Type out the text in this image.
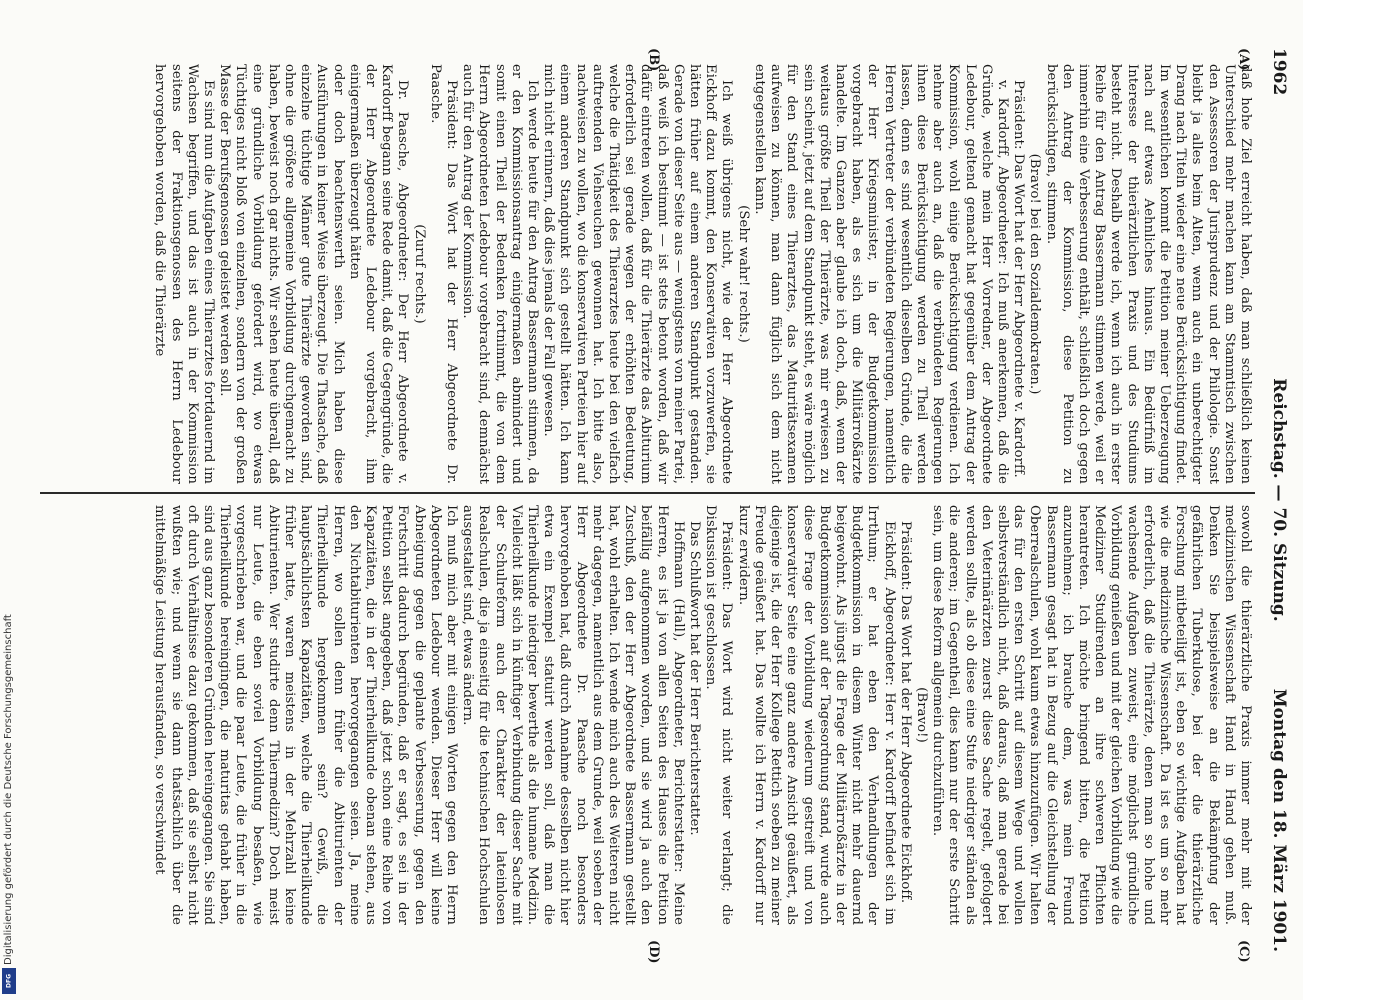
1962
Reichstag. — 70. Sitzung.
Montag den 18. März 1901.
(A)
(B)
(C)
(D)

daß hohe Ziel erreicht haben, daß man schließlich keinen Unterschied mehr machen kann am Stammtisch zwischen den Assessoren der Jurisprudenz und der Philologie. Sonst bleibt ja alles beim Alten, wenn auch ein unberechtigter Drang nach Titeln wieder eine neue Berücksichtigung findet. Im wesentlichen kommt die Petition meiner Ueberzeugung nach auf etwas Aehnliches hinaus. Ein Bedürfniß im Interesse der thierärztlichen Praxis und des Studiums besteht nicht. Deshalb werde ich, wenn ich auch in erster Reihe für den Antrag Bassermann stimmen werde, weil er immerhin eine Verbesserung enthält, schließlich doch gegen den Antrag der Kommission, diese Petition zu berücksichtigen, stimmen.

(Bravo! bei den Sozialdemokraten.)

Präsident: Das Wort hat der Herr Abgeordnete v. Kardorff.

v. Kardorff, Abgeordneter: Ich muß anerkennen, daß die Gründe, welche mein Herr Vorredner, der Abgeordnete Ledebour, geltend gemacht hat gegenüber dem Antrag der Kommission, wohl einige Berücksichtigung verdienen. Ich nehme aber auch an, daß die verbündeten Regierungen ihnen diese Berücksichtigung werden zu Theil werden lassen, denn es sind wesentlich dieselben Gründe, die die Herren Vertreter der verbündeten Regierungen, namentlich der Herr Kriegsminister, in der Budgetkommission vorgebracht haben, als es sich um die Militärroßärzte handelte. Im Ganzen aber glaube ich doch, daß, wenn der weitaus größte Theil der Thierärzte, was mir erwiesen zu sein scheint, jetzt auf dem Standpunkt steht, es wäre möglich für den Stand eines Thierarztes, das Maturitätsexamen aufweisen zu können, man dann füglich sich dem nicht entgegenstellen kann.

(Sehr wahr! rechts.)

Ich weiß übrigens nicht, wie der Herr Abgeordnete Eickhoff dazu kommt, den Konservativen vorzuwerfen, sie hätten früher auf einem anderen Standpunkt gestanden. Gerade von dieser Seite aus — wenigstens von meiner Partei, daß weiß ich bestimmt — ist stets betont worden, daß wir dafür eintreten wollen, daß für die Thierärzte das Abiturium erforderlich sei gerade wegen der erhöhten Bedeutung, welche die Thätigkeit des Thierarztes heute bei den vielfach auftretenden Viehseuchen gewonnen hat. Ich bitte also, nachweisen zu wollen, wo die konservativen Parteien hier auf einem anderen Standpunkt sich gestellt hätten. Ich kann mich nicht erinnern, daß dies jemals der Fall gewesen.

Ich werde heute für den Antrag Bassermann stimmen, da er den Kommissionsantrag einigermaßen abmindert und somit einen Theil der Bedenken fortnimmt, die von dem Herrn Abgeordneten Ledebour vorgebracht sind, demnächst auch für den Antrag der Kommission.

Präsident: Das Wort hat der Herr Abgeordnete Dr. Paasche.

(Zuruf rechts.)

Dr. Paasche, Abgeordneter: Der Herr Abgeordnete v. Kardorff begann seine Rede damit, daß die Gegengründe, die der Herr Abgeordnete Ledebour vorgebracht, ihm einigermaßen überzeugt hätten

oder doch beachtenswerth seien. Mich haben diese Ausführungen in keiner Weise überzeugt. Die Thatsache, daß einzelne tüchtige Männer gute Thierärzte geworden sind, ohne die größere allgemeine Vorbildung durchgemacht zu haben, beweist noch gar nichts. Wir sehen heute überall, daß eine gründliche Vorbildung gefordert wird, wo etwas Tüchtiges nicht bloß von einzelnen, sondern von der großen Masse der Berufsgenossen geleistet werden soll.

Es sind nun die Aufgaben eines Thierarztes fortdauernd im Wachsen begriffen, und das ist auch in der Kommission seitens der Fraktionsgenossen des Herrn Ledebour hervorgehoben worden, daß die Thierärzte

sowohl die thierärztliche Praxis immer mehr mit der medizinischen Wissenschaft Hand in Hand gehen muß. Denken Sie beispielsweise an die Bekämpfung der gefährlichen Tuberkulose, bei der die thierärztliche Forschung mitbeteiligt ist, eben so wichtige Aufgaben hat wie die medizinische Wissenschaft. Da ist es um so mehr erforderlich, daß die Thierärzte, denen man so hohe und wachsende Aufgaben zuweist, eine möglichst gründliche Vorbildung genießen und mit der gleichen Vorbildung wie die Mediziner Studirenden an ihre schweren Pflichten herantreten. Ich möchte bringend bitten, die Petition anzunehmen; ich brauche dem, was mein Freund Bassermann gesagt hat in Bezug auf die Gleichstellung der Oberrealschulen, wohl kaum etwas hinzuzufügen. Wir halten das für den ersten Schritt auf diesem Wege und wollen selbstverständlich nicht, daß daraus, daß man gerade bei den Veterinärärzten zuerst diese Sache regelt, gefolgert werden sollte, als ob diese eine Stufe niedriger ständen als die anderen; im Gegentheil, dies kann nur der erste Schritt sein, um diese Reform allgemein durchzuführen.

(Bravo!)

Präsident: Das Wort hat der Herr Abgeordnete Eickhoff.

Eickhoff, Abgeordneter: Herr v. Kardorff befindet sich im Irrthum; er hat eben den Verhandlungen der Budgetkommission in diesem Winter nicht mehr dauernd beigewohnt. Als jüngst die Frage der Militärroßärzte in der Budgetkommission auf der Tagesordnung stand, wurde auch diese Frage der Vorbildung wiederum gestreift und von konservativer Seite eine ganz andere Ansicht geäußert, als diejenige ist, die der Herr Kollege Rettich soeben zu meiner Freude geäußert hat. Das wollte ich Herrn v. Kardorff nur kurz erwidern.

Präsident: Das Wort wird nicht weiter verlangt; die Diskussion ist geschlossen.

Das Schlußwort hat der Herr Berichterstatter.

Hoffmann (Hall), Abgeordneter, Berichterstatter: Meine Herren, es ist ja von allen Seiten des Hauses die Petition beifällig aufgenommen worden, und sie wird ja auch den Zuschuß, den der Herr Abgeordnete Bassermann gestellt hat, wohl erhalten. Ich wende mich auch des Weiteren nicht mehr dagegen, namentlich aus dem Grunde, weil soeben der Herr Abgeordnete Dr. Paasche noch besonders hervorgehoben hat, daß durch Annahme desselben nicht hier etwa ein Exempel statuirt werden soll, daß man die Thierheilkunde niedriger bewerthe als die humane Medizin. Vielleicht läßt sich in künftiger Verbindung dieser Sache mit der Schulreform auch der Charakter der lateinlosen Realschulen, die ja einseitig für die technischen Hochschulen ausgestaltet sind, etwas ändern.

Ich muß mich aber mit einigen Worten gegen den Herrn Abgeordneten Ledebour wenden. Dieser Herr will keine Abneigung gegen die geplante Verbesserung, gegen den Fortschritt dadurch begründen, daß er sagt, es sei in der Petition selbst angegeben, daß jetzt schon eine Reihe von Kapazitäten, die in der Thierheilkunde obenan stehen, aus den Nichtabiturienten hervorgegangen seien. Ja, meine Herren, wo sollen denn früher die Abiturienten der Thierheilkunde hergekommen sein? Gewiß, die hauptsächlichsten Kapazitäten, welche die Thierheilkunde früher hatte, waren meistens in der Mehrzahl keine Abiturienten. Wer studirte denn Thiermedizin? Doch meist nur Leute, die eben soviel Vorbildung besaßen, wie vorgeschrieben war, und die paar Leute, die früher in die Thierheilkunde hereingingen, die maturitas gehabt haben, sind aus ganz besonderen Gründen hereingegangen. Sie sind oft durch Verhältnisse dazu gekommen, daß sie selbst nicht wußten wie; und wenn sie dann thatsächlich über die mittelmäßige Leistung herausfanden, so verschwindet

Digitalisierung gefördert durch die Deutsche Forschungsgemeinschaft
DFG
